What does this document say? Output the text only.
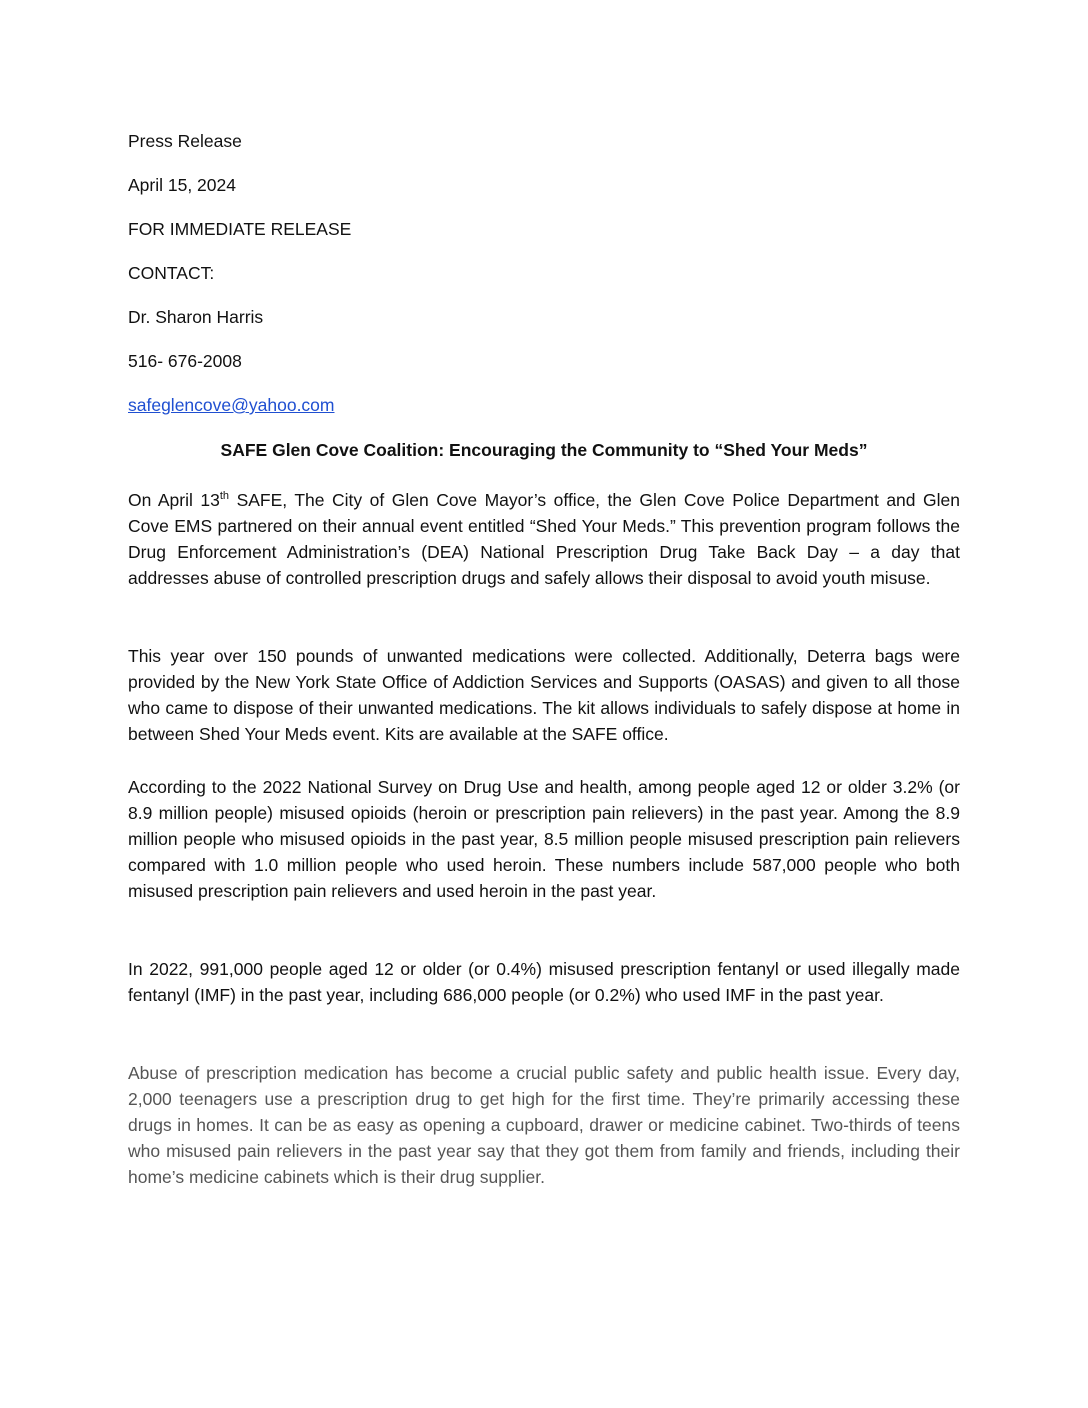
Press Release
April 15, 2024
FOR IMMEDIATE RELEASE
CONTACT:
Dr. Sharon Harris
516- 676-2008
safeglencove@yahoo.com
SAFE Glen Cove Coalition: Encouraging the Community to “Shed Your Meds”

On April 13th SAFE, The City of Glen Cove Mayor’s office, the Glen Cove Police Department and Glen Cove EMS partnered on their annual event entitled “Shed Your Meds.” This prevention program follows the Drug Enforcement Administration’s (DEA) National Prescription Drug Take Back Day – a day that addresses abuse of controlled prescription drugs and safely allows their disposal to avoid youth misuse.

This year over 150 pounds of unwanted medications were collected. Additionally, Deterra bags were provided by the New York State Office of Addiction Services and Supports (OASAS) and given to all those who came to dispose of their unwanted medications. The kit allows individuals to safely dispose at home in between Shed Your Meds event. Kits are available at the SAFE office.

According to the 2022 National Survey on Drug Use and health, among people aged 12 or older 3.2% (or 8.9 million people) misused opioids (heroin or prescription pain relievers) in the past year. Among the 8.9 million people who misused opioids in the past year, 8.5 million people misused prescription pain relievers compared with 1.0 million people who used heroin. These numbers include 587,000 people who both misused prescription pain relievers and used heroin in the past year.

In 2022, 991,000 people aged 12 or older (or 0.4%) misused prescription fentanyl or used illegally made fentanyl (IMF) in the past year, including 686,000 people (or 0.2%) who used IMF in the past year.

Abuse of prescription medication has become a crucial public safety and public health issue. Every day, 2,000 teenagers use a prescription drug to get high for the first time. They’re primarily accessing these drugs in homes. It can be as easy as opening a cupboard, drawer or medicine cabinet. Two-thirds of teens who misused pain relievers in the past year say that they got them from family and friends, including their home’s medicine cabinets which is their drug supplier.
